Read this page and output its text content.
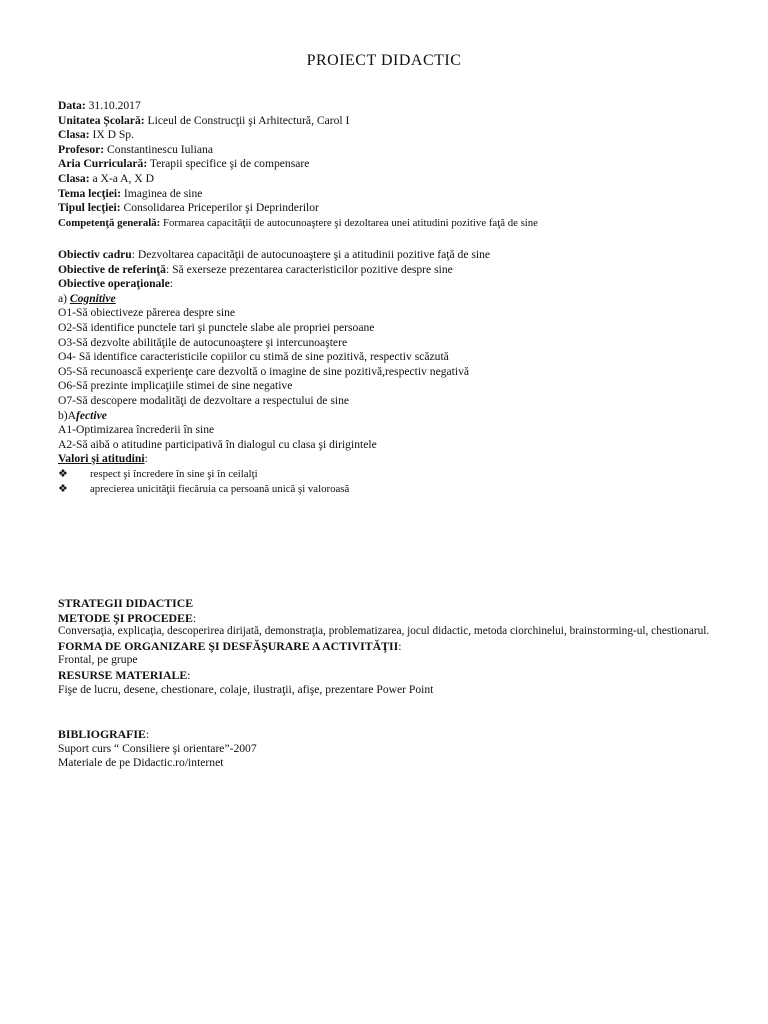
PROIECT DIDACTIC
Data: 31.10.2017
Unitatea Școlară: Liceul de Construcţii şi Arhitectură, Carol I
Clasa: IX D Sp.
Profesor: Constantinescu Iuliana
Aria Curriculară: Terapii specifice şi de compensare
Clasa: a X-a A, X D
Tema lecţiei: Imaginea de sine
Tipul lecţiei: Consolidarea Priceperilor şi Deprinderilor
Competenţă generală: Formarea capacităţii de autocunoaştere şi dezoltarea unei atitudini pozitive faţă de sine
Obiectiv cadru: Dezvoltarea capacităţii de autocunoaştere şi a atitudinii pozitive faţă de sine
Obiective de referinţă: Să exerseze prezentarea caracteristicilor pozitive despre sine
Obiective operaţionale:
a) Cognitive
O1-Să obiectiveze părerea despre sine
O2-Să identifice punctele tari şi punctele slabe ale propriei persoane
O3-Să dezvolte abilităţile de autocunoaştere şi intercunoaştere
O4- Să identifice caracteristicile copiilor cu stimă de sine pozitivă, respectiv scăzută
O5-Să recunoască experienţe care dezvoltă o imagine de sine pozitivă,respectiv negativă
O6-Să prezinte implicaţiile stimei de sine negative
O7-Să descopere modalităţi de dezvoltare a respectului de sine
b)Afective
A1-Optimizarea încrederii în sine
A2-Să aibă o atitudine participativă în dialogul cu clasa şi dirigintele
Valori şi atitudini:
❖ respect şi încredere în sine şi în ceilalţi
❖ aprecierea unicităţii fiecăruia ca persoană unică şi valoroasă
STRATEGII DIDACTICE
METODE ŞI PROCEDEE:
Conversaţia, explicaţia, descoperirea dirijată, demonstraţia, problematizarea, jocul didactic, metoda ciorchinelui, brainstorming-ul, chestionarul.
FORMA DE ORGANIZARE ŞI DESFĂŞURARE A ACTIVITĂŢII:
Frontal, pe grupe
RESURSE MATERIALE:
Fişe de lucru, desene, chestionare, colaje, ilustraţii, afişe, prezentare Power Point
BIBLIOGRAFIE:
Suport curs “ Consiliere şi orientare”-2007
Materiale de pe Didactic.ro/internet
